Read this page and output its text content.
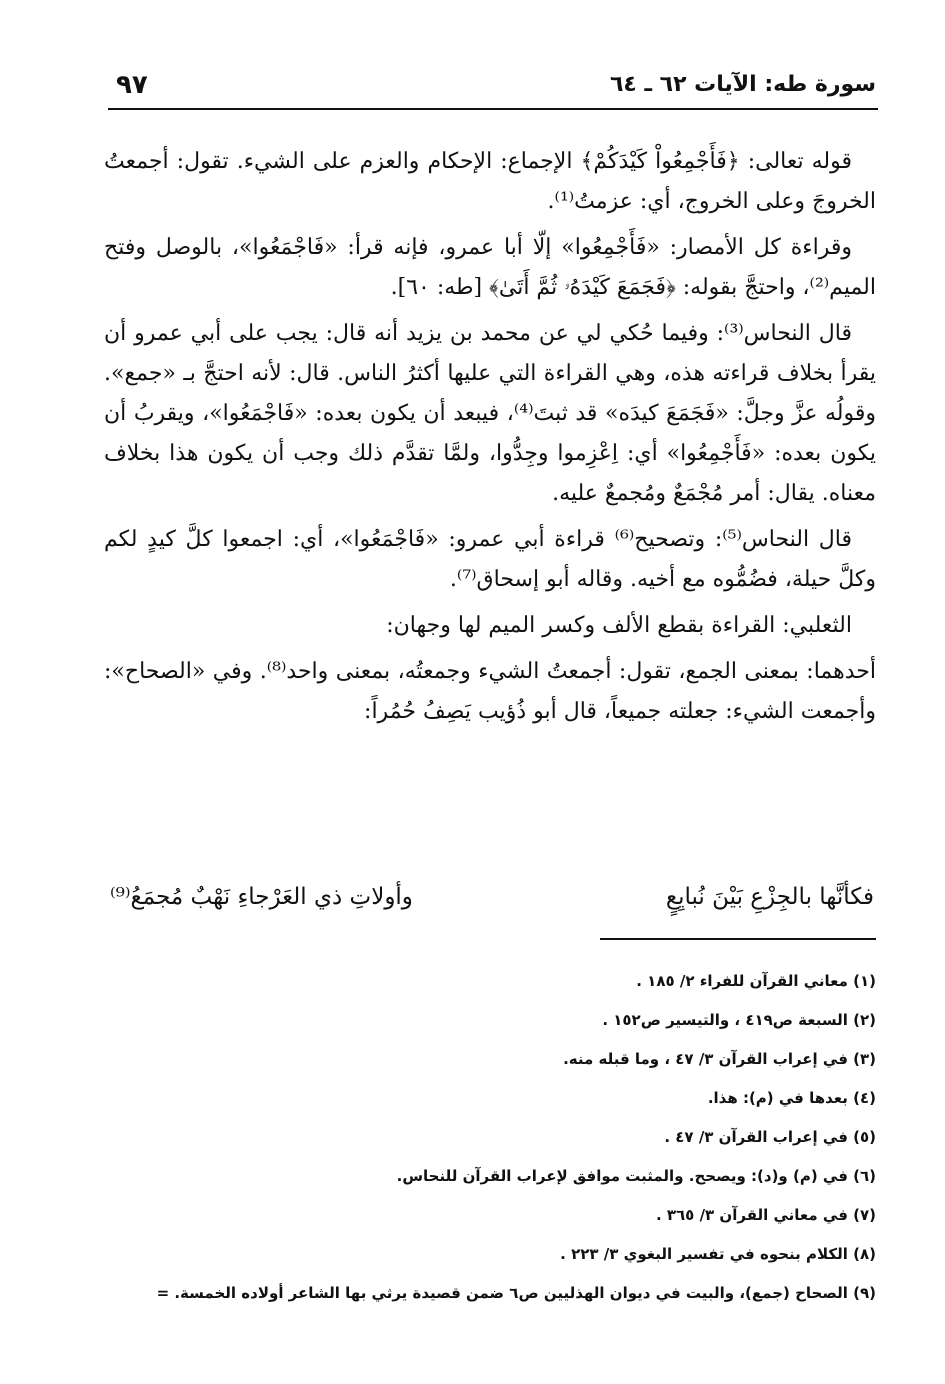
سورة طه: الآيات ٦٢ ـ ٦٤
٩٧

قوله تعالى: ﴿فَأَجْمِعُواْ كَيْدَكُمْ﴾ الإجماع: الإحكام والعزم على الشيء. تقول: أجمعتُ الخروجَ وعلى الخروج، أي: عزمتُ⁽¹⁾.

وقراءة كل الأمصار: «فَأَجْمِعُوا» إلّا أبا عمرو، فإنه قرأ: «فَاجْمَعُوا»، بالوصل وفتح الميم⁽²⁾، واحتجَّ بقوله: ﴿فَجَمَعَ كَيْدَهُۥ ثُمَّ أَتَىٰ﴾ [طه: ٦٠].

قال النحاس⁽³⁾: وفيما حُكي لي عن محمد بن يزيد أنه قال: يجب على أبي عمرو أن يقرأ بخلاف قراءته هذه، وهي القراءة التي عليها أكثرُ الناس. قال: لأنه احتجَّ بـ «جمع». وقولُه عزَّ وجلَّ: «فَجَمَعَ كيدَه» قد ثبتَ⁽⁴⁾، فيبعد أن يكون بعده: «فَاجْمَعُوا»، ويقربُ أن يكون بعده: «فَأَجْمِعُوا» أي: اِعْزِموا وجِدُّوا، ولمَّا تقدَّم ذلك وجب أن يكون هذا بخلاف معناه. يقال: أمر مُجْمَعٌ ومُجمعٌ عليه.

قال النحاس⁽⁵⁾: وتصحيح⁽⁶⁾ قراءة أبي عمرو: «فَاجْمَعُوا»، أي: اجمعوا كلَّ كيدٍ لكم وكلَّ حيلة، فضُمُّوه مع أخيه. وقاله أبو إسحاق⁽⁷⁾.

الثعلبي: القراءة بقطع الألف وكسر الميم لها وجهان:

أحدهما: بمعنى الجمع، تقول: أجمعتُ الشيء وجمعتُه، بمعنى واحد⁽⁸⁾. وفي «الصحاح»: وأجمعت الشيء: جعلته جميعاً، قال أبو ذُؤيب يَصِفُ حُمُراً:

فكأنَّها بالجِزْعِ بَيْنَ نُبايِعٍ
وأولاتِ ذي العَرْجاءِ نَهْبٌ مُجمَعُ⁽⁹⁾
(١) معاني القرآن للفراء ٢/ ١٨٥ .
(٢) السبعة ص٤١٩ ، والتيسير ص١٥٢ .
(٣) في إعراب القرآن ٣/ ٤٧ ، وما قبله منه.
(٤) بعدها في (م): هذا.
(٥) في إعراب القرآن ٣/ ٤٧ .
(٦) في (م) و(د): ويصحح. والمثبت موافق لإعراب القرآن للنحاس.
(٧) في معاني القرآن ٣/ ٣٦٥ .
(٨) الكلام بنحوه في تفسير البغوي ٣/ ٢٢٣ .
(٩) الصحاح (جمع)، والبيت في ديوان الهذليين ص٦ ضمن قصيدة يرثي بها الشاعر أولاده الخمسة. =
